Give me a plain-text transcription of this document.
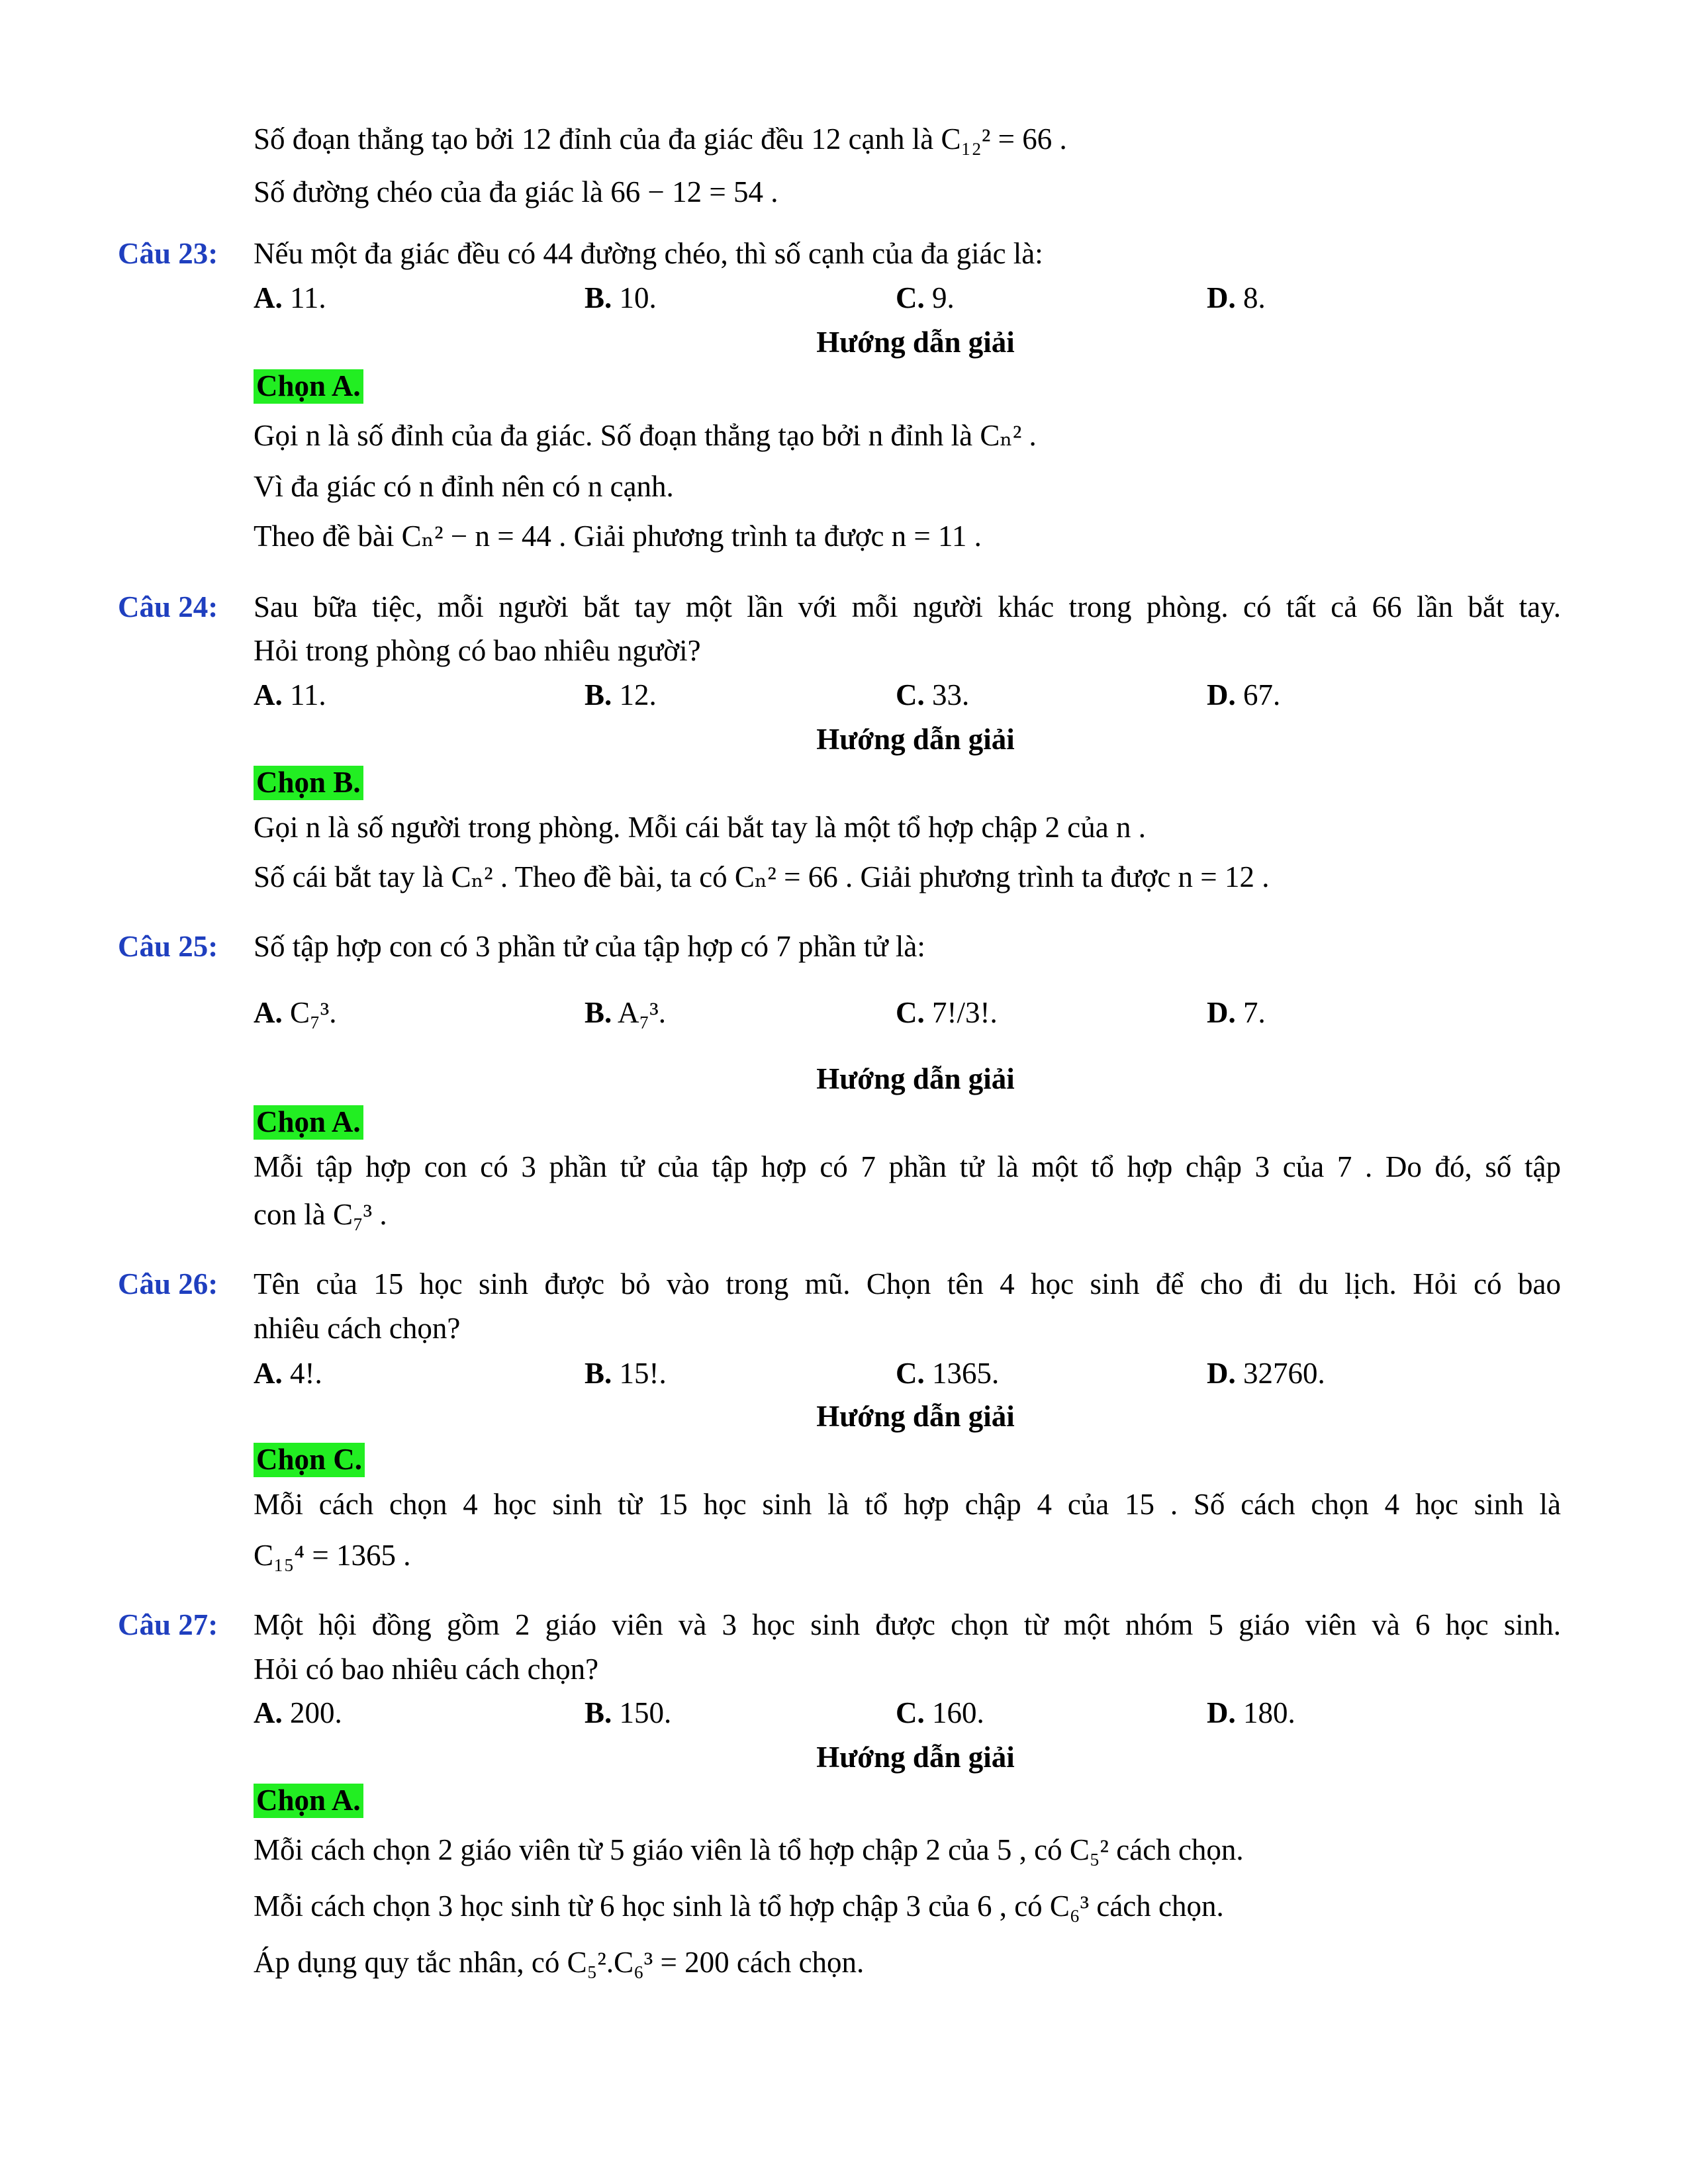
Số đoạn thẳng tạo bởi 12 đỉnh của đa giác đều 12 cạnh là C₁₂² = 66 .
Số đường chéo của đa giác là 66 − 12 = 54 .
Câu 23: Nếu một đa giác đều có 44 đường chéo, thì số cạnh của đa giác là:
A. 11.	B. 10.	C. 9.	D. 8.
Hướng dẫn giải
Chọn A.
Gọi n là số đỉnh của đa giác. Số đoạn thẳng tạo bởi n đỉnh là Cₙ² .
Vì đa giác có n đỉnh nên có n cạnh.
Theo đề bài Cₙ² − n = 44 . Giải phương trình ta được n = 11 .
Câu 24: Sau bữa tiệc, mỗi người bắt tay một lần với mỗi người khác trong phòng. có tất cả 66 lần bắt tay.
Hỏi trong phòng có bao nhiêu người?
A. 11.	B. 12.	C. 33.	D. 67.
Hướng dẫn giải
Chọn B.
Gọi n là số người trong phòng. Mỗi cái bắt tay là một tổ hợp chập 2 của n .
Số cái bắt tay là Cₙ² . Theo đề bài, ta có Cₙ² = 66 . Giải phương trình ta được n = 12 .
Câu 25: Số tập hợp con có 3 phần tử của tập hợp có 7 phần tử là:
A. C₇³.	B. A₇³.	C. 7!/3!.	D. 7.
Hướng dẫn giải
Chọn A.
Mỗi tập hợp con có 3 phần tử của tập hợp có 7 phần tử là một tổ hợp chập 3 của 7 . Do đó, số tập
con là C₇³ .
Câu 26: Tên của 15 học sinh được bỏ vào trong mũ. Chọn tên 4 học sinh để cho đi du lịch. Hỏi có bao
nhiêu cách chọn?
A. 4!.	B. 15!.	C. 1365.	D. 32760.
Hướng dẫn giải
Chọn C.
Mỗi cách chọn 4 học sinh từ 15 học sinh là tổ hợp chập 4 của 15 . Số cách chọn 4 học sinh là
C₁₅⁴ = 1365 .
Câu 27: Một hội đồng gồm 2 giáo viên và 3 học sinh được chọn từ một nhóm 5 giáo viên và 6 học sinh.
Hỏi có bao nhiêu cách chọn?
A. 200.	B. 150.	C. 160.	D. 180.
Hướng dẫn giải
Chọn A.
Mỗi cách chọn 2 giáo viên từ 5 giáo viên là tổ hợp chập 2 của 5 , có C₅² cách chọn.
Mỗi cách chọn 3 học sinh từ 6 học sinh là tổ hợp chập 3 của 6 , có C₆³ cách chọn.
Áp dụng quy tắc nhân, có C₅².C₆³ = 200 cách chọn.
